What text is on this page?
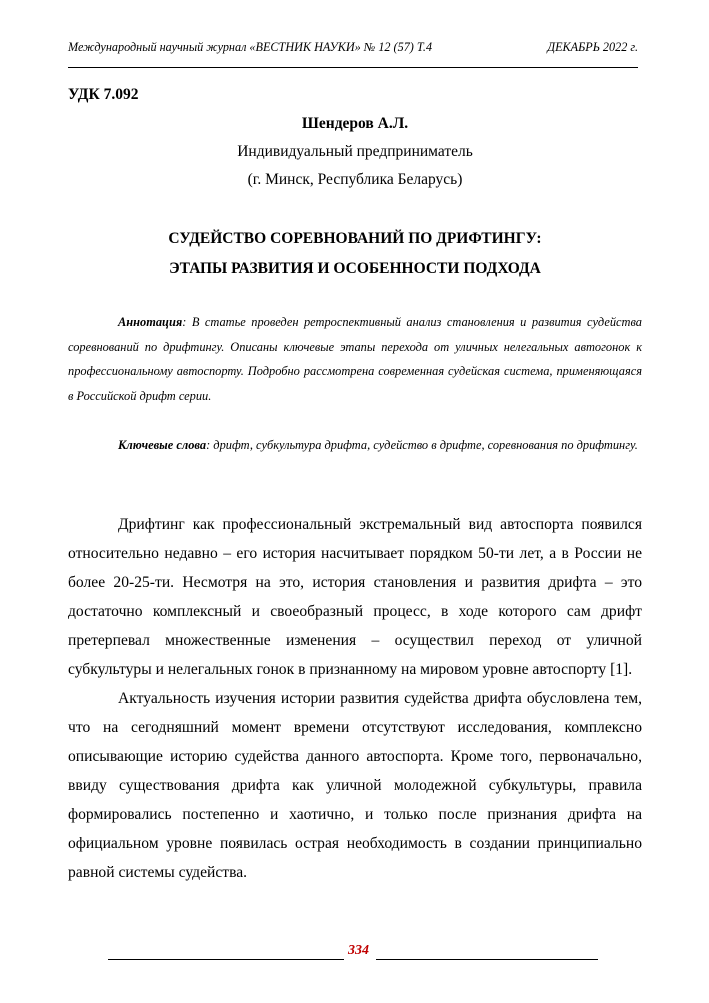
Международный научный журнал «ВЕСТНИК НАУКИ» № 12 (57) Т.4	ДЕКАБРЬ 2022 г.
УДК 7.092
Шендеров А.Л.
Индивидуальный предприниматель
(г. Минск, Республика Беларусь)
СУДЕЙСТВО СОРЕВНОВАНИЙ ПО ДРИФТИНГУ:
ЭТАПЫ РАЗВИТИЯ И ОСОБЕННОСТИ ПОДХОДА
Аннотация: В статье проведен ретроспективный анализ становления и развития судейства соревнований по дрифтингу. Описаны ключевые этапы перехода от уличных нелегальных автогонок к профессиональному автоспорту. Подробно рассмотрена современная судейская система, применяющаяся в Российской дрифт серии.
Ключевые слова: дрифт, субкультура дрифта, судейство в дрифте, соревнования по дрифтингу.

Дрифтинг как профессиональный экстремальный вид автоспорта появился относительно недавно – его история насчитывает порядком 50-ти лет, а в России не более 20-25-ти. Несмотря на это, история становления и развития дрифта – это достаточно комплексный и своеобразный процесс, в ходе которого сам дрифт претерпевал множественные изменения – осуществил переход от уличной субкультуры и нелегальных гонок в признанному на мировом уровне автоспорту [1].

Актуальность изучения истории развития судейства дрифта обусловлена тем, что на сегодняшний момент времени отсутствуют исследования, комплексно описывающие историю судейства данного автоспорта. Кроме того, первоначально, ввиду существования дрифта как уличной молодежной субкультуры, правила формировались постепенно и хаотично, и только после признания дрифта на официальном уровне появилась острая необходимость в создании принципиально равной системы судейства.

334
